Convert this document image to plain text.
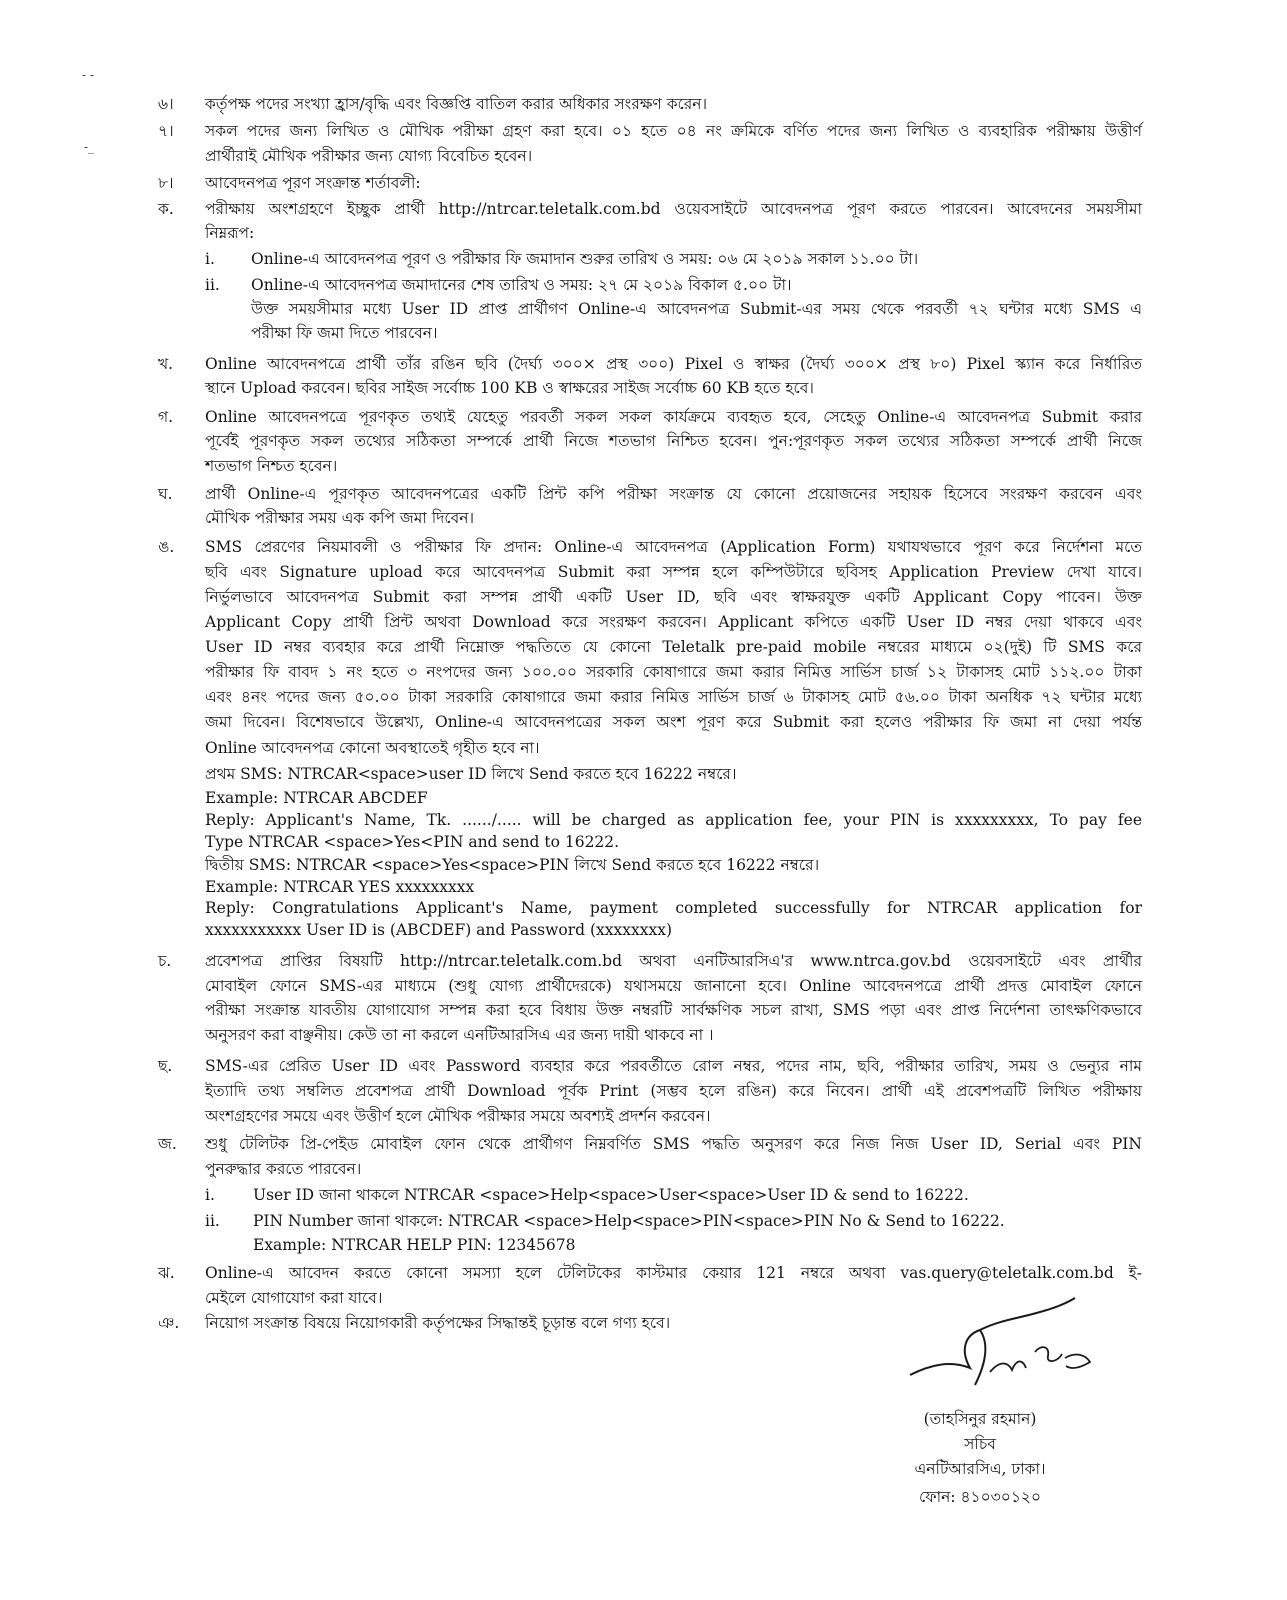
- -
-_
৬। কর্তৃপক্ষ পদের সংখ্যা হ্রাস/বৃদ্ধি এবং বিজ্ঞপ্তি বাতিল করার অধিকার সংরক্ষণ করেন।
৭। সকল পদের জন্য লিখিত ও মৌখিক পরীক্ষা গ্রহণ করা হবে। ০১ হতে ০৪ নং ক্রমিকে বর্ণিত পদের জন্য লিখিত ও ব্যবহারিক পরীক্ষায় উত্তীর্ণ
প্রার্থীরাই মৌখিক পরীক্ষার জন্য যোগ্য বিবেচিত হবেন।
৮। আবেদনপত্র পূরণ সংক্রান্ত শর্তাবলী:
ক. পরীক্ষায় অংশগ্রহণে ইচ্ছুক প্রার্থী http://ntrcar.teletalk.com.bd ওয়েবসাইটে আবেদনপত্র পূরণ করতে পারবেন। আবেদনের সময়সীমা
নিম্নরূপ:
i. Online-এ আবেদনপত্র পূরণ ও পরীক্ষার ফি জমাদান শুরুর তারিখ ও সময়: ০৬ মে ২০১৯ সকাল ১১.০০ টা।
ii. Online-এ আবেদনপত্র জমাদানের শেষ তারিখ ও সময়: ২৭ মে ২০১৯ বিকাল ৫.০০ টা।
উক্ত সময়সীমার মধ্যে User ID প্রাপ্ত প্রার্থীগণ Online-এ আবেদনপত্র Submit-এর সময় থেকে পরবর্তী ৭২ ঘন্টার মধ্যে SMS এ
পরীক্ষা ফি জমা দিতে পারবেন।
খ. Online আবেদনপত্রে প্রার্থী তাঁর রঙিন ছবি (দৈর্ঘ্য ৩০০× প্রস্থ ৩০০) Pixel ও স্বাক্ষর (দৈর্ঘ্য ৩০০× প্রস্থ ৮০) Pixel স্ক্যান করে নির্ধারিত
স্থানে Upload করবেন। ছবির সাইজ সর্বোচ্চ 100 KB ও স্বাক্ষরের সাইজ সর্বোচ্চ 60 KB হতে হবে।
গ. Online আবেদনপত্রে পূরণকৃত তথ্যই যেহেতু পরবর্তী সকল সকল কার্যক্রমে ব্যবহৃত হবে, সেহেতু Online-এ আবেদনপত্র Submit করার
পূর্বেই পূরণকৃত সকল তথ্যের সঠিকতা সম্পর্কে প্রার্থী নিজে শতভাগ নিশ্চিত হবেন। পুন:পূরণকৃত সকল তথ্যের সঠিকতা সম্পর্কে প্রার্থী নিজে
শতভাগ নিশ্চত হবেন।
ঘ. প্রার্থী Online-এ পূরণকৃত আবেদনপত্রের একটি প্রিন্ট কপি পরীক্ষা সংক্রান্ত যে কোনো প্রয়োজনের সহায়ক হিসেবে সংরক্ষণ করবেন এবং
মৌখিক পরীক্ষার সময় এক কপি জমা দিবেন।
ঙ. SMS প্রেরণের নিয়মাবলী ও পরীক্ষার ফি প্রদান: Online-এ আবেদনপত্র (Application Form) যথাযথভাবে পূরণ করে নির্দেশনা মতে
ছবি এবং Signature upload করে আবেদনপত্র Submit করা সম্পন্ন হলে কম্পিউটারে ছবিসহ Application Preview দেখা যাবে।
নির্ভুলভাবে আবেদনপত্র Submit করা সম্পন্ন প্রার্থী একটি User ID, ছবি এবং স্বাক্ষরযুক্ত একটি Applicant Copy পাবেন। উক্ত
Applicant Copy প্রার্থী প্রিন্ট অথবা Download করে সংরক্ষণ করবেন। Applicant কপিতে একটি User ID নম্বর দেয়া থাকবে এবং
User ID নম্বর ব্যবহার করে প্রার্থী নিম্নোক্ত পদ্ধতিতে যে কোনো Teletalk pre-paid mobile নম্বরের মাধ্যমে ০২(দুই) টি SMS করে
পরীক্ষার ফি বাবদ ১ নং হতে ৩ নংপদের জন্য ১০০.০০ সরকারি কোষাগারে জমা করার নিমিত্ত সার্ভিস চার্জ ১২ টাকাসহ মোট ১১২.০০ টাকা
এবং ৪নং পদের জন্য ৫০.০০ টাকা সরকারি কোষাগারে জমা করার নিমিত্ত সার্ভিস চার্জ ৬ টাকাসহ মোট ৫৬.০০ টাকা অনধিক ৭২ ঘন্টার মধ্যে
জমা দিবেন। বিশেষভাবে উল্লেখ্য, Online-এ আবেদনপত্রের সকল অংশ পূরণ করে Submit করা হলেও পরীক্ষার ফি জমা না দেয়া পর্যন্ত
Online আবেদনপত্র কোনো অবস্থাতেই গৃহীত হবে না।
প্রথম SMS: NTRCAR<space>user ID লিখে Send করতে হবে 16222 নম্বরে।
Example: NTRCAR ABCDEF
Reply: Applicant's Name, Tk. ....../..... will be charged as application fee, your PIN is xxxxxxxxx, To pay fee
Type NTRCAR <space>Yes<PIN and send to 16222.
দ্বিতীয় SMS: NTRCAR <space>Yes<space>PIN লিখে Send করতে হবে 16222 নম্বরে।
Example: NTRCAR YES xxxxxxxxx
Reply: Congratulations Applicant's Name, payment completed successfully for NTRCAR application for
xxxxxxxxxxx User ID is (ABCDEF) and Password (xxxxxxxx)
চ. প্রবেশপত্র প্রাপ্তির বিষয়টি http://ntrcar.teletalk.com.bd অথবা এনটিআরসিএ'র www.ntrca.gov.bd ওয়েবসাইটে এবং প্রার্থীর
মোবাইল ফোনে SMS-এর মাধ্যমে (শুধু যোগ্য প্রার্থীদেরকে) যথাসময়ে জানানো হবে। Online আবেদনপত্রে প্রার্থী প্রদত্ত মোবাইল ফোনে
পরীক্ষা সংক্রান্ত যাবতীয় যোগাযোগ সম্পন্ন করা হবে বিধায় উক্ত নম্বরটি সার্বক্ষণিক সচল রাখা, SMS পড়া এবং প্রাপ্ত নির্দেশনা তাৎক্ষণিকভাবে
অনুসরণ করা বাঞ্ছনীয়। কেউ তা না করলে এনটিআরসিএ এর জন্য দায়ী থাকবে না ।
ছ. SMS-এর প্রেরিত User ID এবং Password ব্যবহার করে পরবর্তীতে রোল নম্বর, পদের নাম, ছবি, পরীক্ষার তারিখ, সময় ও ভেন্যুর নাম
ইত্যাদি তথ্য সম্বলিত প্রবেশপত্র প্রার্থী Download পূর্বক Print (সম্ভব হলে রঙিন) করে নিবেন। প্রার্থী এই প্রবেশপত্রটি লিখিত পরীক্ষায়
অংশগ্রহণের সময়ে এবং উত্তীর্ণ হলে মৌখিক পরীক্ষার সময়ে অবশ্যই প্রদর্শন করবেন।
জ. শুধু টেলিটক প্রি-পেইড মোবাইল ফোন থেকে প্রার্থীগণ নিম্নবর্ণিত SMS পদ্ধতি অনুসরণ করে নিজ নিজ User ID, Serial এবং PIN
পুনরুদ্ধার করতে পারবেন।
i. User ID জানা থাকলে NTRCAR <space>Help<space>User<space>User ID & send to 16222.
ii. PIN Number জানা থাকলে: NTRCAR <space>Help<space>PIN<space>PIN No & Send to 16222.
Example: NTRCAR HELP PIN: 12345678
ঝ. Online-এ আবেদন করতে কোনো সমস্যা হলে টেলিটকের কাস্টমার কেয়ার 121 নম্বরে অথবা vas.query@teletalk.com.bd ই-
মেইলে যোগাযোগ করা যাবে।
ঞ. নিয়োগ সংক্রান্ত বিষয়ে নিয়োগকারী কর্তৃপক্ষের সিদ্ধান্তই চূড়ান্ত বলে গণ্য হবে।
(তাহসিনুর রহমান)
সচিব
এনটিআরসিএ, ঢাকা।
ফোন: ৪১০৩০১২০
